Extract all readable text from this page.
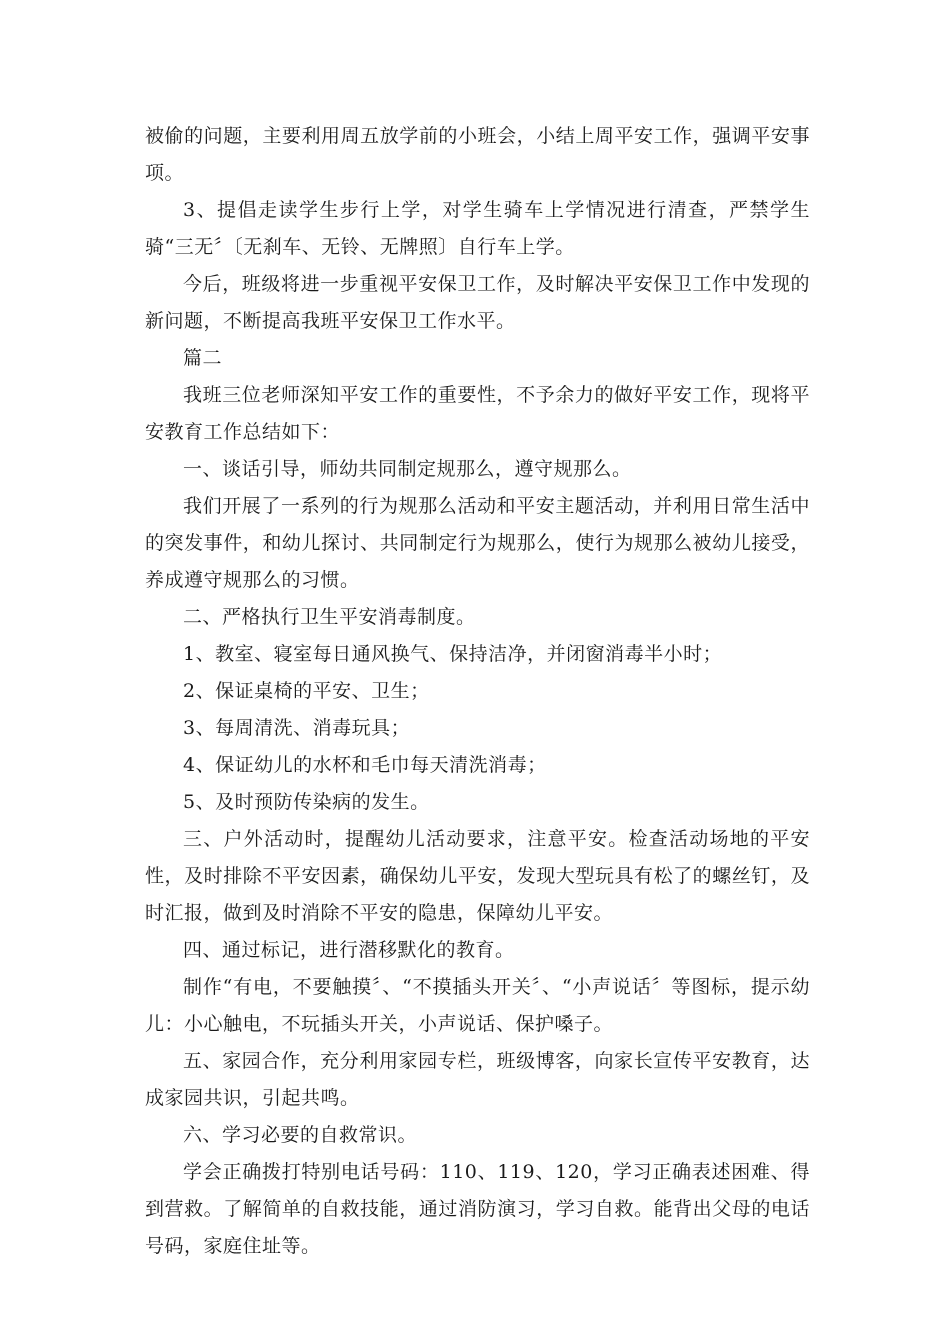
被偷的问题，主要利用周五放学前的小班会，小结上周平安工作，强调平安事项。

3、提倡走读学生步行上学，对学生骑车上学情况进行清查，严禁学生骑“三无〞〔无刹车、无铃、无牌照〕自行车上学。

今后，班级将进一步重视平安保卫工作，及时解决平安保卫工作中发现的新问题，不断提高我班平安保卫工作水平。

篇二

我班三位老师深知平安工作的重要性，不予余力的做好平安工作，现将平安教育工作总结如下：

一、谈话引导，师幼共同制定规那么，遵守规那么。

我们开展了一系列的行为规那么活动和平安主题活动，并利用日常生活中的突发事件，和幼儿探讨、共同制定行为规那么，使行为规那么被幼儿接受，养成遵守规那么的习惯。

二、严格执行卫生平安消毒制度。

1、教室、寝室每日通风换气、保持洁净，并闭窗消毒半小时；

2、保证桌椅的平安、卫生；

3、每周清洗、消毒玩具；

4、保证幼儿的水杯和毛巾每天清洗消毒；

5、及时预防传染病的发生。

三、户外活动时，提醒幼儿活动要求，注意平安。检查活动场地的平安性，及时排除不平安因素，确保幼儿平安，发现大型玩具有松了的螺丝钉，及时汇报，做到及时消除不平安的隐患，保障幼儿平安。

四、通过标记，进行潜移默化的教育。

制作“有电，不要触摸〞、“不摸插头开关〞、“小声说话〞等图标，提示幼儿：小心触电，不玩插头开关，小声说话、保护嗓子。

五、家园合作，充分利用家园专栏，班级博客，向家长宣传平安教育，达成家园共识，引起共鸣。

六、学习必要的自救常识。

学会正确拨打特别电话号码：110、119、120，学习正确表述困难、得到营救。了解简单的自救技能，通过消防演习，学习自救。能背出父母的电话号码，家庭住址等。
